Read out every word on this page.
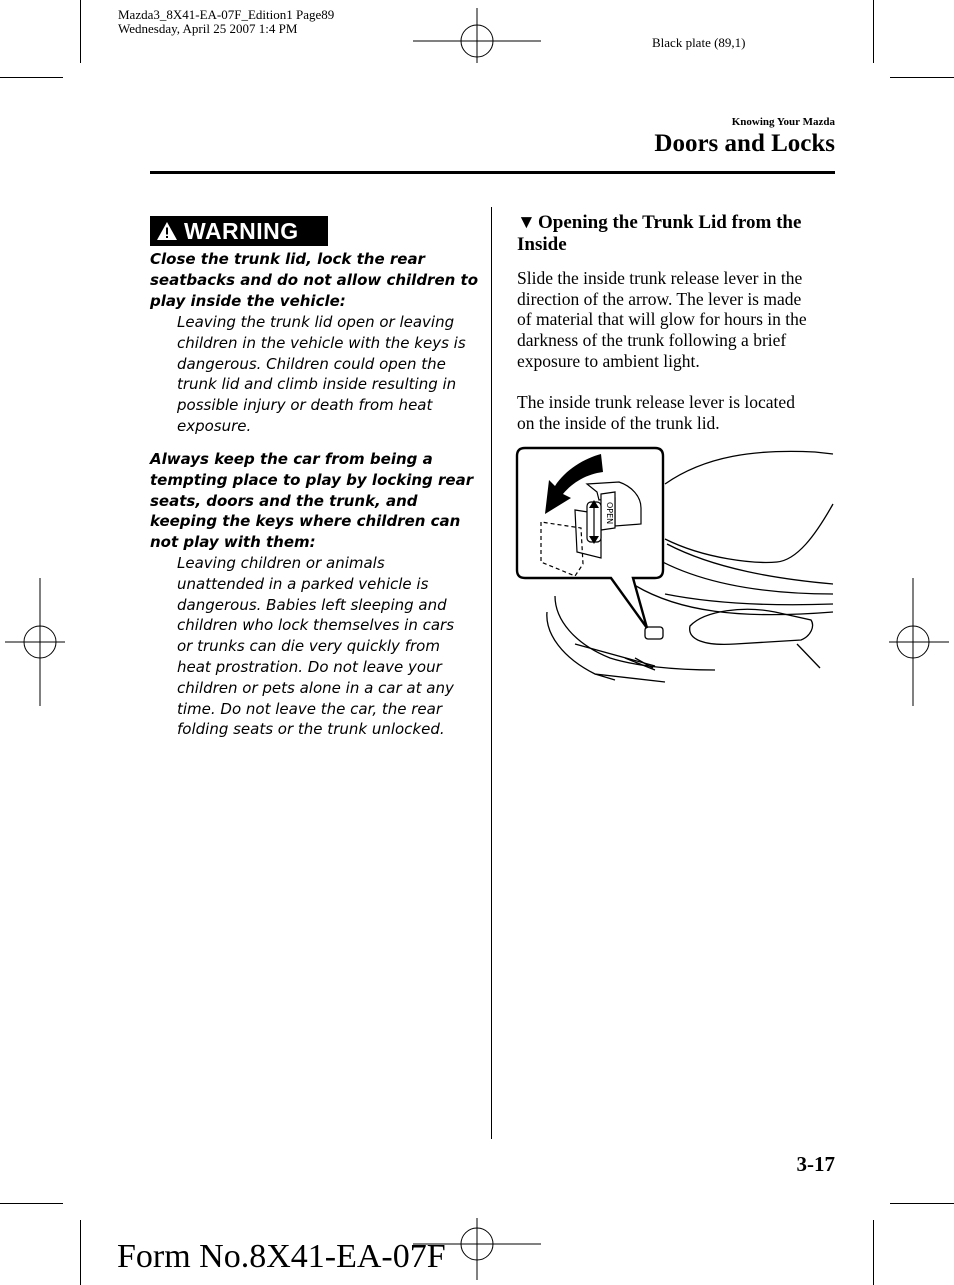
Mazda3_8X41-EA-07F_Edition1 Page89
Wednesday, April 25 2007 1:4 PM
Black plate (89,1)
Knowing Your Mazda
Doors and Locks
WARNING
Close the trunk lid, lock the rear
seatbacks and do not allow children to
play inside the vehicle:
Leaving the trunk lid open or leaving
children in the vehicle with the keys is
dangerous. Children could open the
trunk lid and climb inside resulting in
possible injury or death from heat
exposure.
Always keep the car from being a
tempting place to play by locking rear
seats, doors and the trunk, and
keeping the keys where children can
not play with them:
Leaving children or animals
unattended in a parked vehicle is
dangerous. Babies left sleeping and
children who lock themselves in cars
or trunks can die very quickly from
heat prostration. Do not leave your
children or pets alone in a car at any
time. Do not leave the car, the rear
folding seats or the trunk unlocked.
▼ Opening the Trunk Lid from the Inside
Slide the inside trunk release lever in the
direction of the arrow. The lever is made
of material that will glow for hours in the
darkness of the trunk following a brief
exposure to ambient light.
The inside trunk release lever is located
on the inside of the trunk lid.
OPEN
3-17
Form No.8X41-EA-07F
